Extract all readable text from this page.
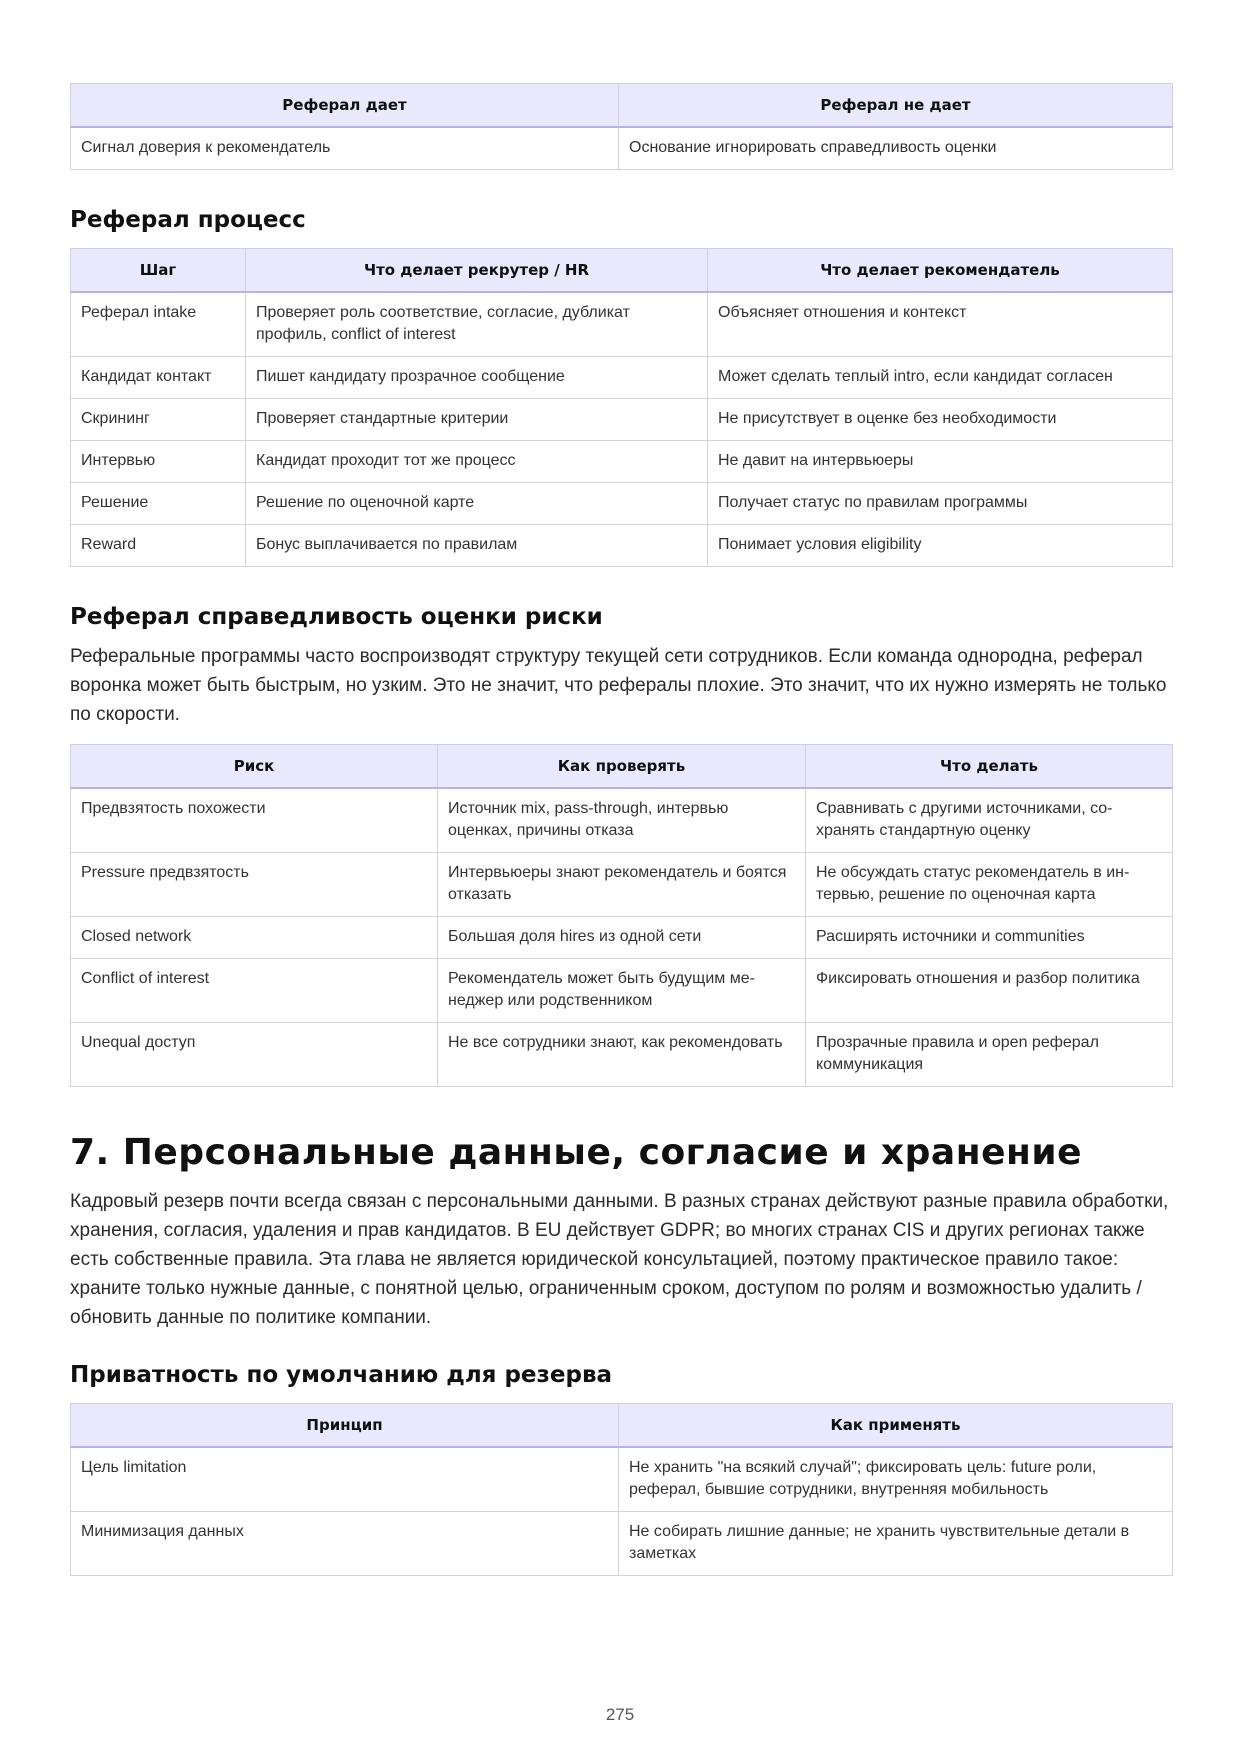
Реферал дает	Реферал не дает
Сигнал доверия к рекомендатель	Основание игнорировать справедливость оценки
Реферал процесс
Шаг	Что делает рекрутер / HR	Что делает рекомендатель
Реферал intake	Проверяет роль соответствие, согласие, дубликат профиль, conflict of interest	Объясняет отношения и контекст
Кандидат контакт	Пишет кандидату прозрачное сообщение	Может сделать теплый intro, если кандидат согласен
Скрининг	Проверяет стандартные критерии	Не присутствует в оценке без необходимости
Интервью	Кандидат проходит тот же процесс	Не давит на интервьюеры
Решение	Решение по оценочной карте	Получает статус по правилам программы
Reward	Бонус выплачивается по правилам	Понимает условия eligibility
Реферал справедливость оценки риски

Реферальные программы часто воспроизводят структуру текущей сети сотрудников. Если команда однородна, реферал воронка может быть быстрым, но узким. Это не значит, что рефералы плохие. Это значит, что их нужно измерять не только по скорости.

Риск	Как проверять	Что делать
Предвзятость похожести	Источник mix, pass-through, интервью оценках, причины отказа	Сравнивать с другими источниками, сохранять стандартную оценку
Pressure предвзятость	Интервьюеры знают рекомендатель и боятся отказать	Не обсуждать статус рекомендатель в интервью, решение по оценочная карта
Closed network	Большая доля hires из одной сети	Расширять источники и communities
Conflict of interest	Рекомендатель может быть будущим менеджер или родственником	Фиксировать отношения и разбор политика
Unequal доступ	Не все сотрудники знают, как рекомендовать	Прозрачные правила и open реферал коммуникация
7. Персональные данные, согласие и хранение

Кадровый резерв почти всегда связан с персональными данными. В разных странах действуют разные правила обработки, хранения, согласия, удаления и прав кандидатов. В EU действует GDPR; во многих странах CIS и других регионах также есть собственные правила. Эта глава не является юридической консультацией, поэтому практическое правило такое: храните только нужные данные, с понятной целью, ограниченным сроком, доступом по ролям и возможностью удалить / обновить данные по политике компании.

Приватность по умолчанию для резерва
Принцип	Как применять
Цель limitation	Не хранить "на всякий случай"; фиксировать цель: future роли, реферал, бывшие сотрудники, внутренняя мобильность
Минимизация данных	Не собирать лишние данные; не хранить чувствительные детали в заметках
275
